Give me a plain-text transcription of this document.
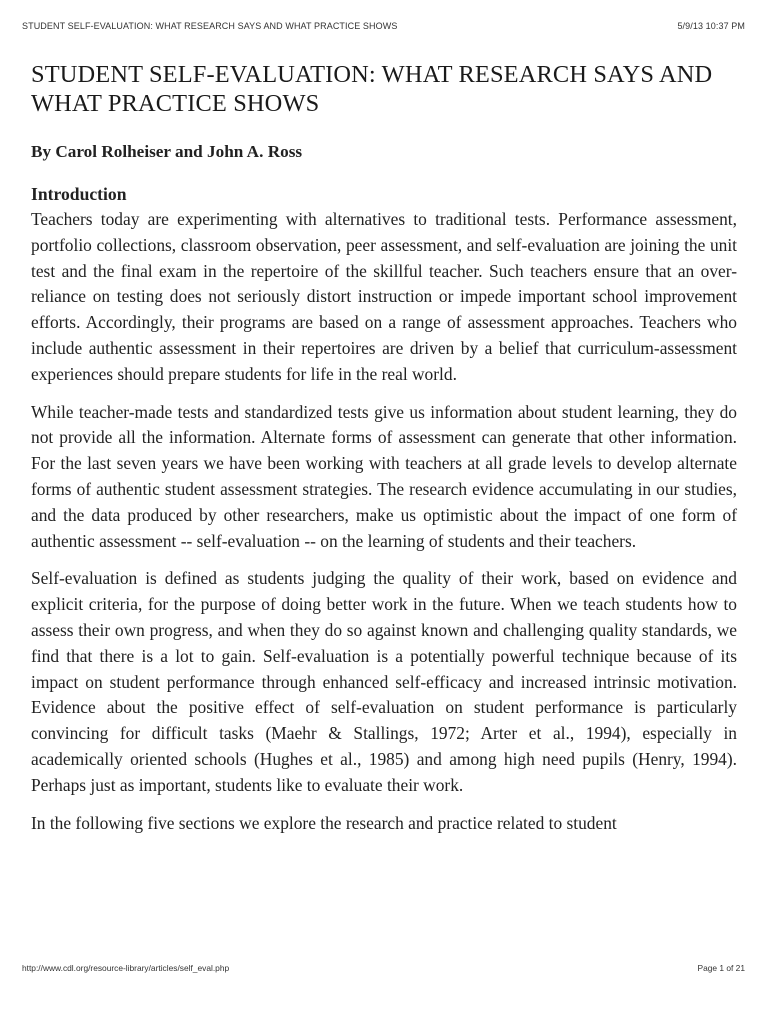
STUDENT SELF-EVALUATION: WHAT RESEARCH SAYS AND WHAT PRACTICE SHOWS	5/9/13 10:37 PM
STUDENT SELF-EVALUATION: WHAT RESEARCH SAYS AND WHAT PRACTICE SHOWS

By Carol Rolheiser and John A. Ross

Introduction

Teachers today are experimenting with alternatives to traditional tests. Performance assessment, portfolio collections, classroom observation, peer assessment, and self-evaluation are joining the unit test and the final exam in the repertoire of the skillful teacher. Such teachers ensure that an over-reliance on testing does not seriously distort instruction or impede important school improvement efforts. Accordingly, their programs are based on a range of assessment approaches. Teachers who include authentic assessment in their repertoires are driven by a belief that curriculum-assessment experiences should prepare students for life in the real world.

While teacher-made tests and standardized tests give us information about student learning, they do not provide all the information. Alternate forms of assessment can generate that other information. For the last seven years we have been working with teachers at all grade levels to develop alternate forms of authentic student assessment strategies. The research evidence accumulating in our studies, and the data produced by other researchers, make us optimistic about the impact of one form of authentic assessment -- self-evaluation -- on the learning of students and their teachers.

Self-evaluation is defined as students judging the quality of their work, based on evidence and explicit criteria, for the purpose of doing better work in the future. When we teach students how to assess their own progress, and when they do so against known and challenging quality standards, we find that there is a lot to gain. Self-evaluation is a potentially powerful technique because of its impact on student performance through enhanced self-efficacy and increased intrinsic motivation. Evidence about the positive effect of self-evaluation on student performance is particularly convincing for difficult tasks (Maehr & Stallings, 1972; Arter et al., 1994), especially in academically oriented schools (Hughes et al., 1985) and among high need pupils (Henry, 1994). Perhaps just as important, students like to evaluate their work.

In the following five sections we explore the research and practice related to student

http://www.cdl.org/resource-library/articles/self_eval.php	Page 1 of 21
